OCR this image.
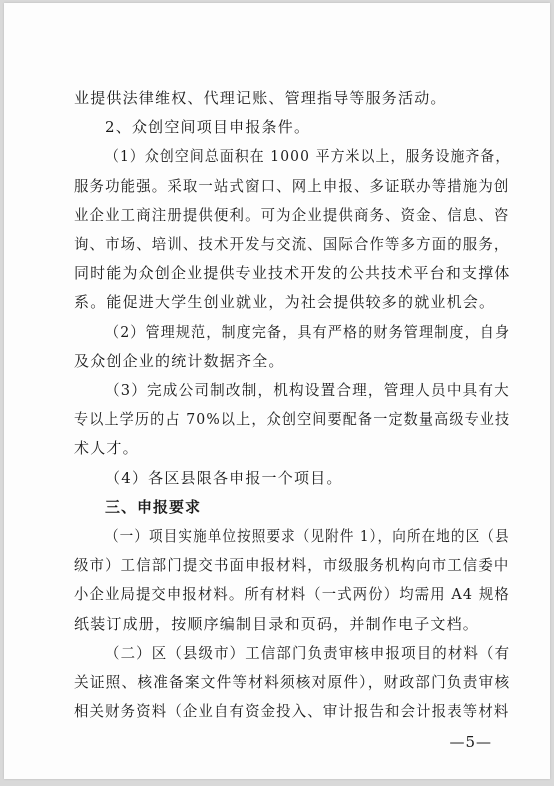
业提供法律维权、代理记账、管理指导等服务活动。
2、众创空间项目申报条件。
（1）众创空间总面积在 1000 平方米以上，服务设施齐备，
服务功能强。采取一站式窗口、网上申报、多证联办等措施为创
业企业工商注册提供便利。可为企业提供商务、资金、信息、咨
询、市场、培训、技术开发与交流、国际合作等多方面的服务，
同时能为众创企业提供专业技术开发的公共技术平台和支撑体
系。能促进大学生创业就业，为社会提供较多的就业机会。
（2）管理规范，制度完备，具有严格的财务管理制度，自身
及众创企业的统计数据齐全。
（3）完成公司制改制，机构设置合理，管理人员中具有大
专以上学历的占 70%以上，众创空间要配备一定数量高级专业技
术人才。
（4）各区县限各申报一个项目。
三、申报要求
（一）项目实施单位按照要求（见附件 1），向所在地的区（县
级市）工信部门提交书面申报材料，市级服务机构向市工信委中
小企业局提交申报材料。所有材料（一式两份）均需用 A4 规格
纸装订成册，按顺序编制目录和页码，并制作电子文档。
（二）区（县级市）工信部门负责审核申报项目的材料（有
关证照、核准备案文件等材料须核对原件），财政部门负责审核
相关财务资料（企业自有资金投入、审计报告和会计报表等材料
—5—
